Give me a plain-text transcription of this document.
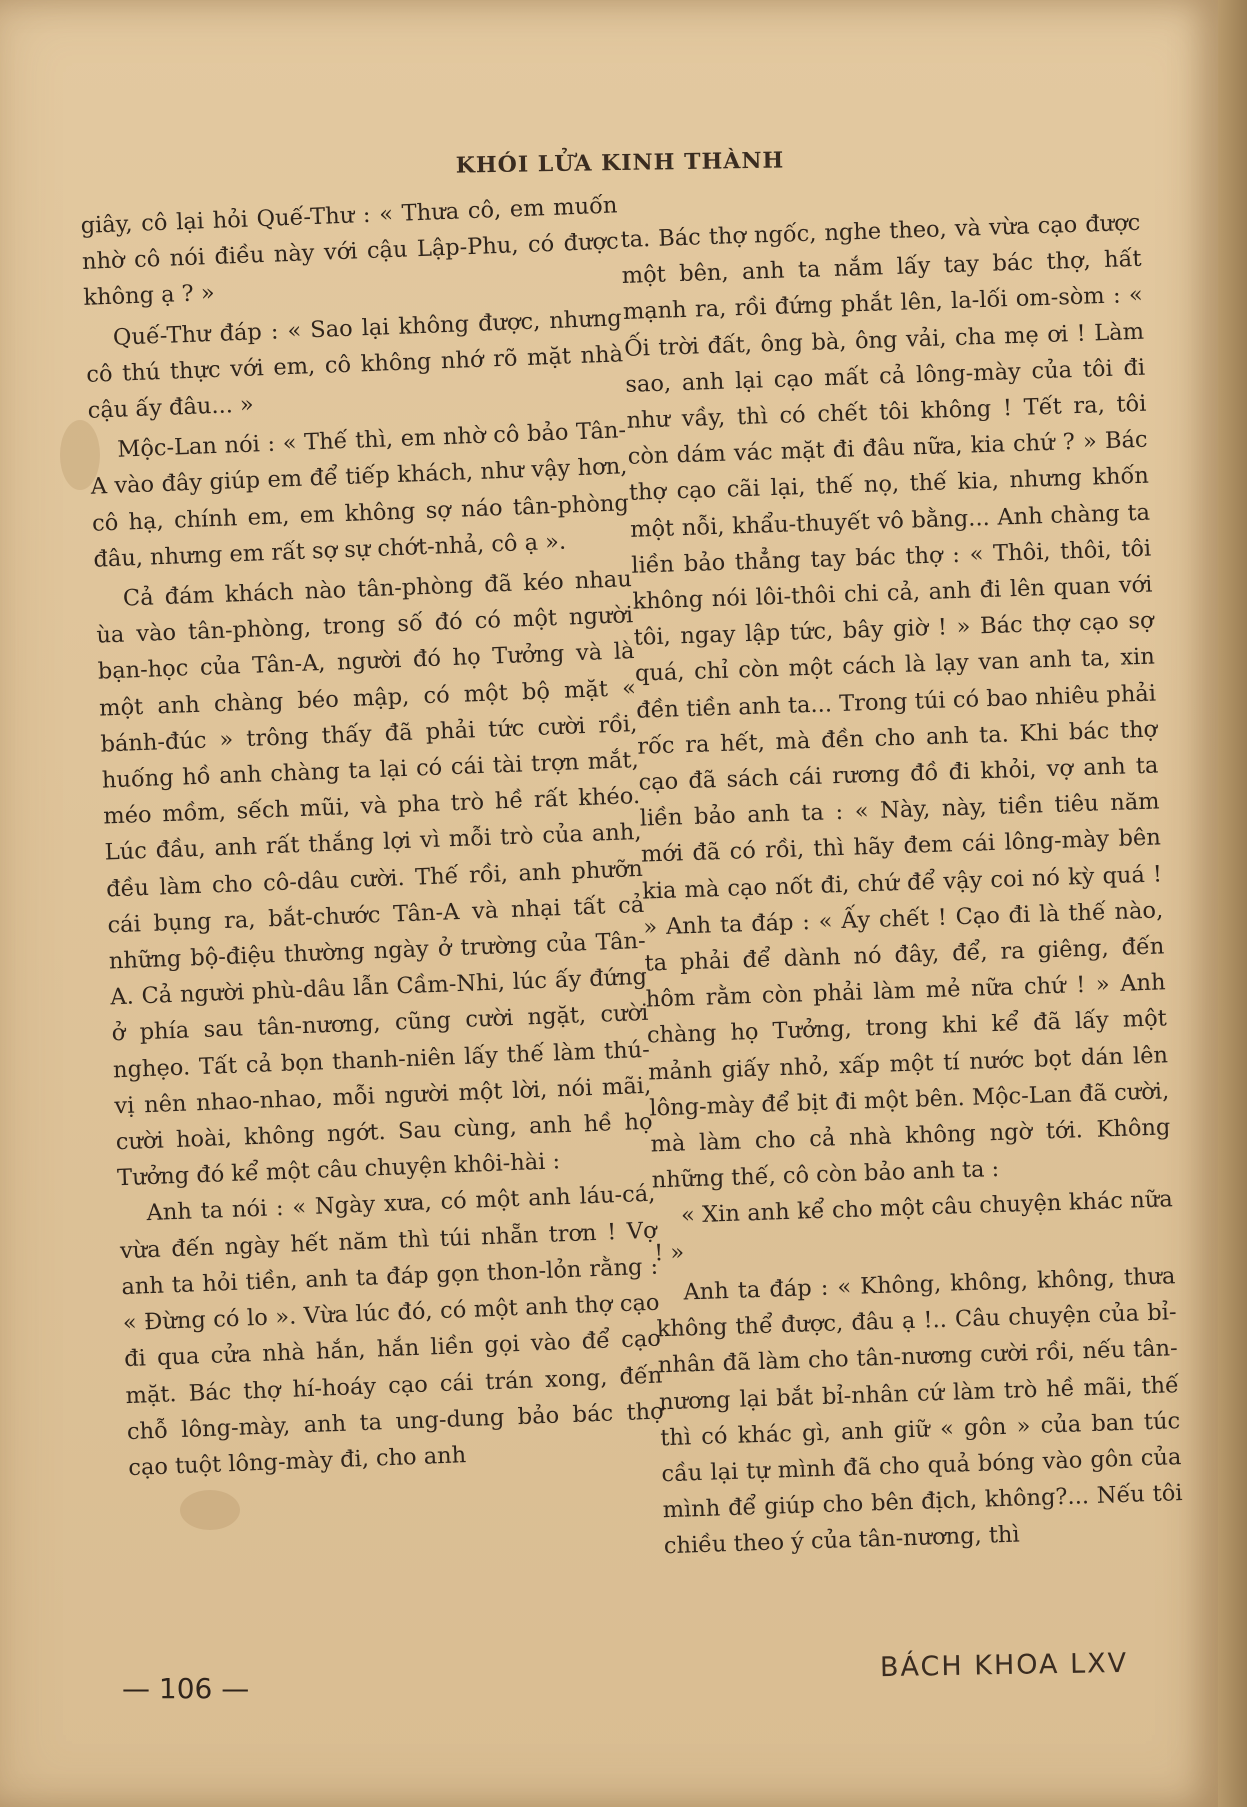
KHÓI LỬA KINH THÀNH

giây, cô lại hỏi Quế-Thư : « Thưa cô, em muốn nhờ cô nói điều này với cậu Lập-Phu, có được không ạ ? »

Quế-Thư đáp : « Sao lại không được, nhưng cô thú thực với em, cô không nhớ rõ mặt nhà cậu ấy đâu... »

Mộc-Lan nói : « Thế thì, em nhờ cô bảo Tân-A vào đây giúp em để tiếp khách, như vậy hơn, cô hạ, chính em, em không sợ náo tân-phòng đâu, nhưng em rất sợ sự chớt-nhả, cô ạ ».

Cả đám khách nào tân-phòng đã kéo nhau ùa vào tân-phòng, trong số đó có một người bạn-học của Tân-A, người đó họ Tưởng và là một anh chàng béo mập, có một bộ mặt « bánh-đúc » trông thấy đã phải tức cười rồi, huống hồ anh chàng ta lại có cái tài trợn mắt, méo mồm, sếch mũi, và pha trò hề rất khéo. Lúc đầu, anh rất thắng lợi vì mỗi trò của anh, đều làm cho cô-dâu cười. Thế rồi, anh phưỡn cái bụng ra, bắt-chước Tân-A và nhại tất cả những bộ-điệu thường ngày ở trường của Tân-A. Cả người phù-dâu lẫn Cầm-Nhi, lúc ấy đứng ở phía sau tân-nương, cũng cười ngặt, cười nghẹo. Tất cả bọn thanh-niên lấy thế làm thú-vị nên nhao-nhao, mỗi người một lời, nói mãi, cười hoài, không ngớt. Sau cùng, anh hề họ Tưởng đó kể một câu chuyện khôi-hài :

Anh ta nói : « Ngày xưa, có một anh láu-cá, vừa đến ngày hết năm thì túi nhẵn trơn ! Vợ anh ta hỏi tiền, anh ta đáp gọn thon-lỏn rằng : « Đừng có lo ». Vừa lúc đó, có một anh thợ cạo đi qua cửa nhà hắn, hắn liền gọi vào để cạo mặt. Bác thợ hí-hoáy cạo cái trán xong, đến chỗ lông-mày, anh ta ung-dung bảo bác thợ cạo tuột lông-mày đi, cho anh

ta. Bác thợ ngốc, nghe theo, và vừa cạo được một bên, anh ta nắm lấy tay bác thợ, hất mạnh ra, rồi đứng phắt lên, la-lối om-sòm : « Ối trời đất, ông bà, ông vải, cha mẹ ơi ! Làm sao, anh lại cạo mất cả lông-mày của tôi đi như vầy, thì có chết tôi không ! Tết ra, tôi còn dám vác mặt đi đâu nữa, kia chứ ? » Bác thợ cạo cãi lại, thế nọ, thế kia, nhưng khốn một nỗi, khẩu-thuyết vô bằng... Anh chàng ta liền bảo thẳng tay bác thợ : « Thôi, thôi, tôi không nói lôi-thôi chi cả, anh đi lên quan với tôi, ngay lập tức, bây giờ ! » Bác thợ cạo sợ quá, chỉ còn một cách là lạy van anh ta, xin đền tiền anh ta... Trong túi có bao nhiêu phải rốc ra hết, mà đền cho anh ta. Khi bác thợ cạo đã sách cái rương đồ đi khỏi, vợ anh ta liền bảo anh ta : « Này, này, tiền tiêu năm mới đã có rồi, thì hãy đem cái lông-mày bên kia mà cạo nốt đi, chứ để vậy coi nó kỳ quá ! » Anh ta đáp : « Ấy chết ! Cạo đi là thế nào, ta phải để dành nó đây, để, ra giêng, đến hôm rằm còn phải làm mẻ nữa chứ ! » Anh chàng họ Tưởng, trong khi kể đã lấy một mảnh giấy nhỏ, xấp một tí nước bọt dán lên lông-mày để bịt đi một bên. Mộc-Lan đã cười, mà làm cho cả nhà không ngờ tới. Không những thế, cô còn bảo anh ta :

« Xin anh kể cho một câu chuyện khác nữa ! »

Anh ta đáp : « Không, không, không, thưa không thể được, đâu ạ !.. Câu chuyện của bỉ-nhân đã làm cho tân-nương cười rồi, nếu tân-nương lại bắt bỉ-nhân cứ làm trò hề mãi, thế thì có khác gì, anh giữ « gôn » của ban túc cầu lại tự mình đã cho quả bóng vào gôn của mình để giúp cho bên địch, không?... Nếu tôi chiều theo ý của tân-nương, thì

— 106 —
BÁCH KHOA LXV
